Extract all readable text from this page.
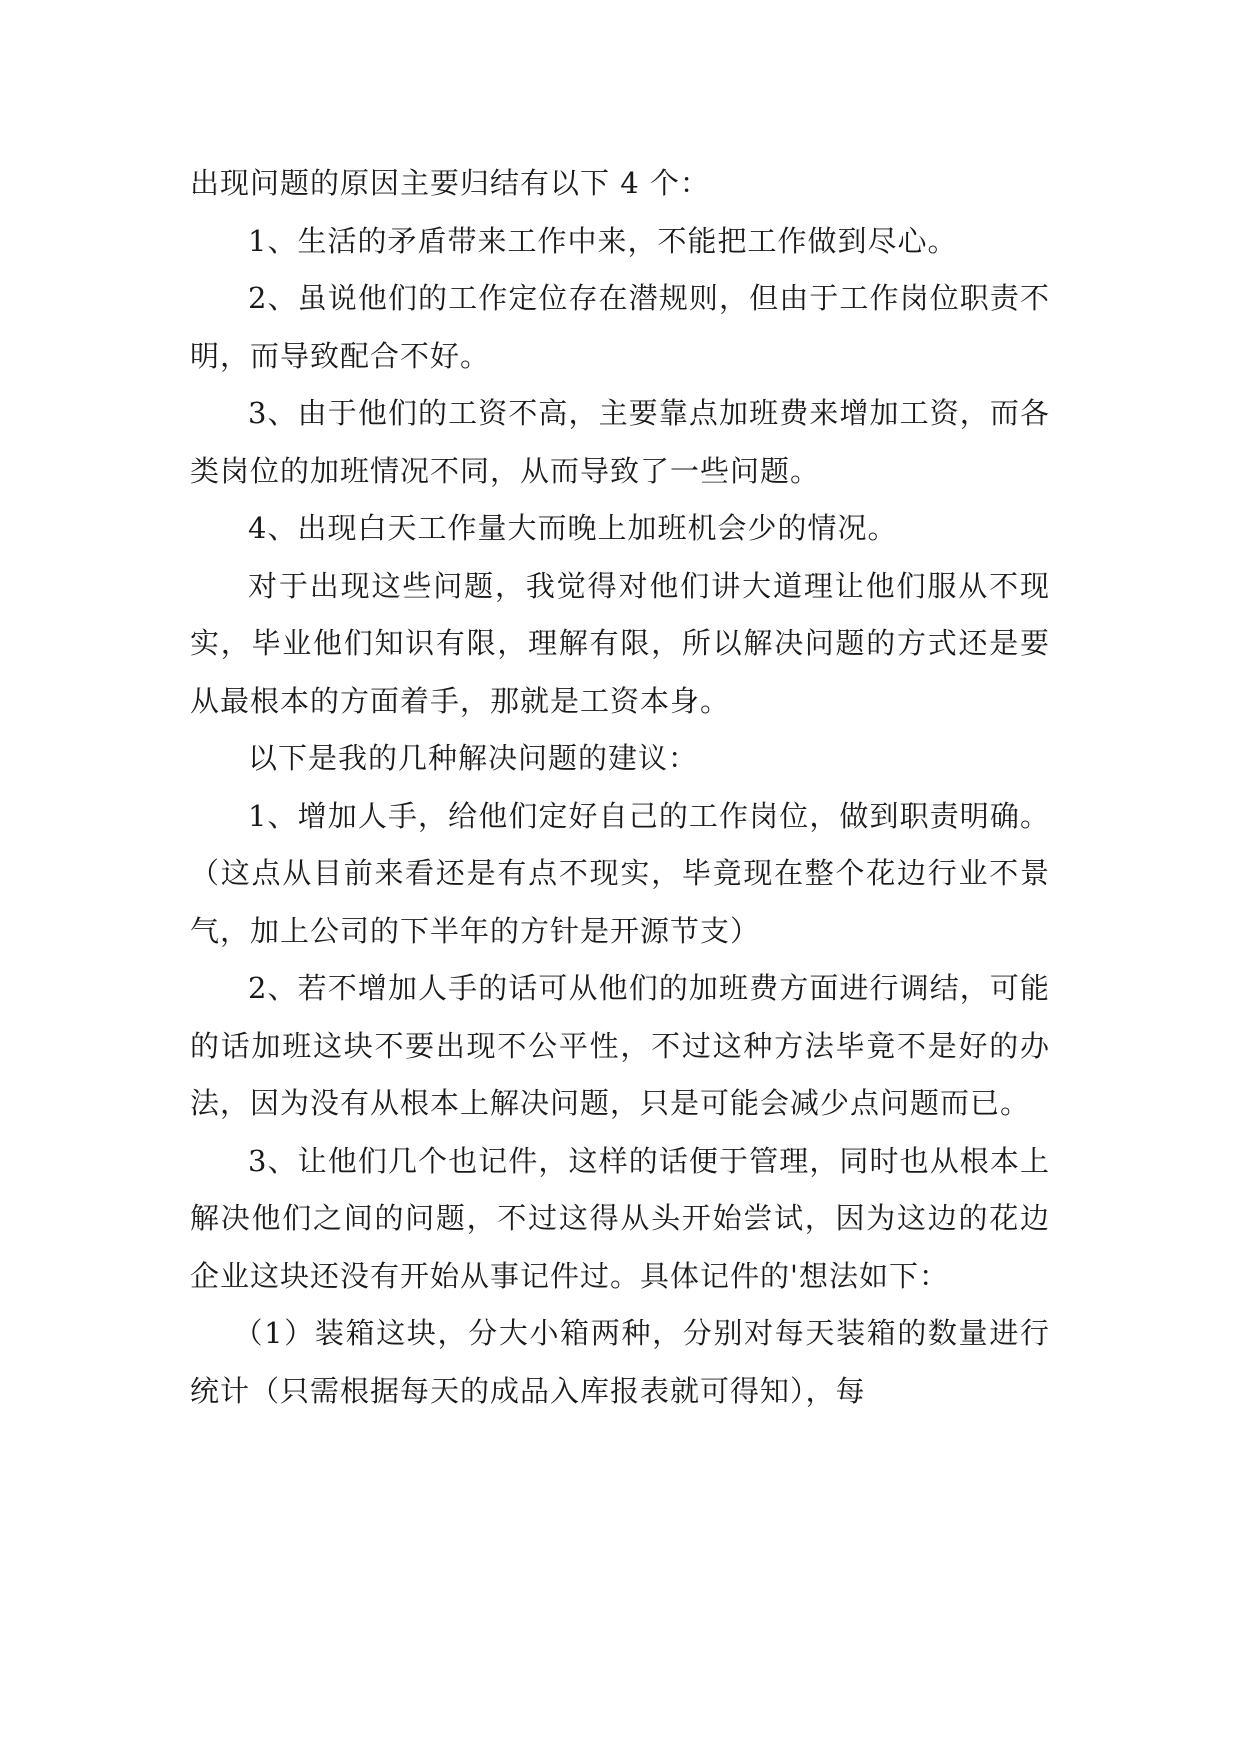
出现问题的原因主要归结有以下 4 个：

1、生活的矛盾带来工作中来，不能把工作做到尽心。

2、虽说他们的工作定位存在潜规则，但由于工作岗位职责不明，而导致配合不好。

3、由于他们的工资不高，主要靠点加班费来增加工资，而各类岗位的加班情况不同，从而导致了一些问题。

4、出现白天工作量大而晚上加班机会少的情况。

对于出现这些问题，我觉得对他们讲大道理让他们服从不现实，毕业他们知识有限，理解有限，所以解决问题的方式还是要从最根本的方面着手，那就是工资本身。

以下是我的几种解决问题的建议：

1、增加人手，给他们定好自己的工作岗位，做到职责明确。（这点从目前来看还是有点不现实，毕竟现在整个花边行业不景气，加上公司的下半年的方针是开源节支）

2、若不增加人手的话可从他们的加班费方面进行调结，可能的话加班这块不要出现不公平性，不过这种方法毕竟不是好的办法，因为没有从根本上解决问题，只是可能会减少点问题而已。

3、让他们几个也记件，这样的话便于管理，同时也从根本上解决他们之间的问题，不过这得从头开始尝试，因为这边的花边企业这块还没有开始从事记件过。具体记件的'想法如下：

（1）装箱这块，分大小箱两种，分别对每天装箱的数量进行统计（只需根据每天的成品入库报表就可得知），每
